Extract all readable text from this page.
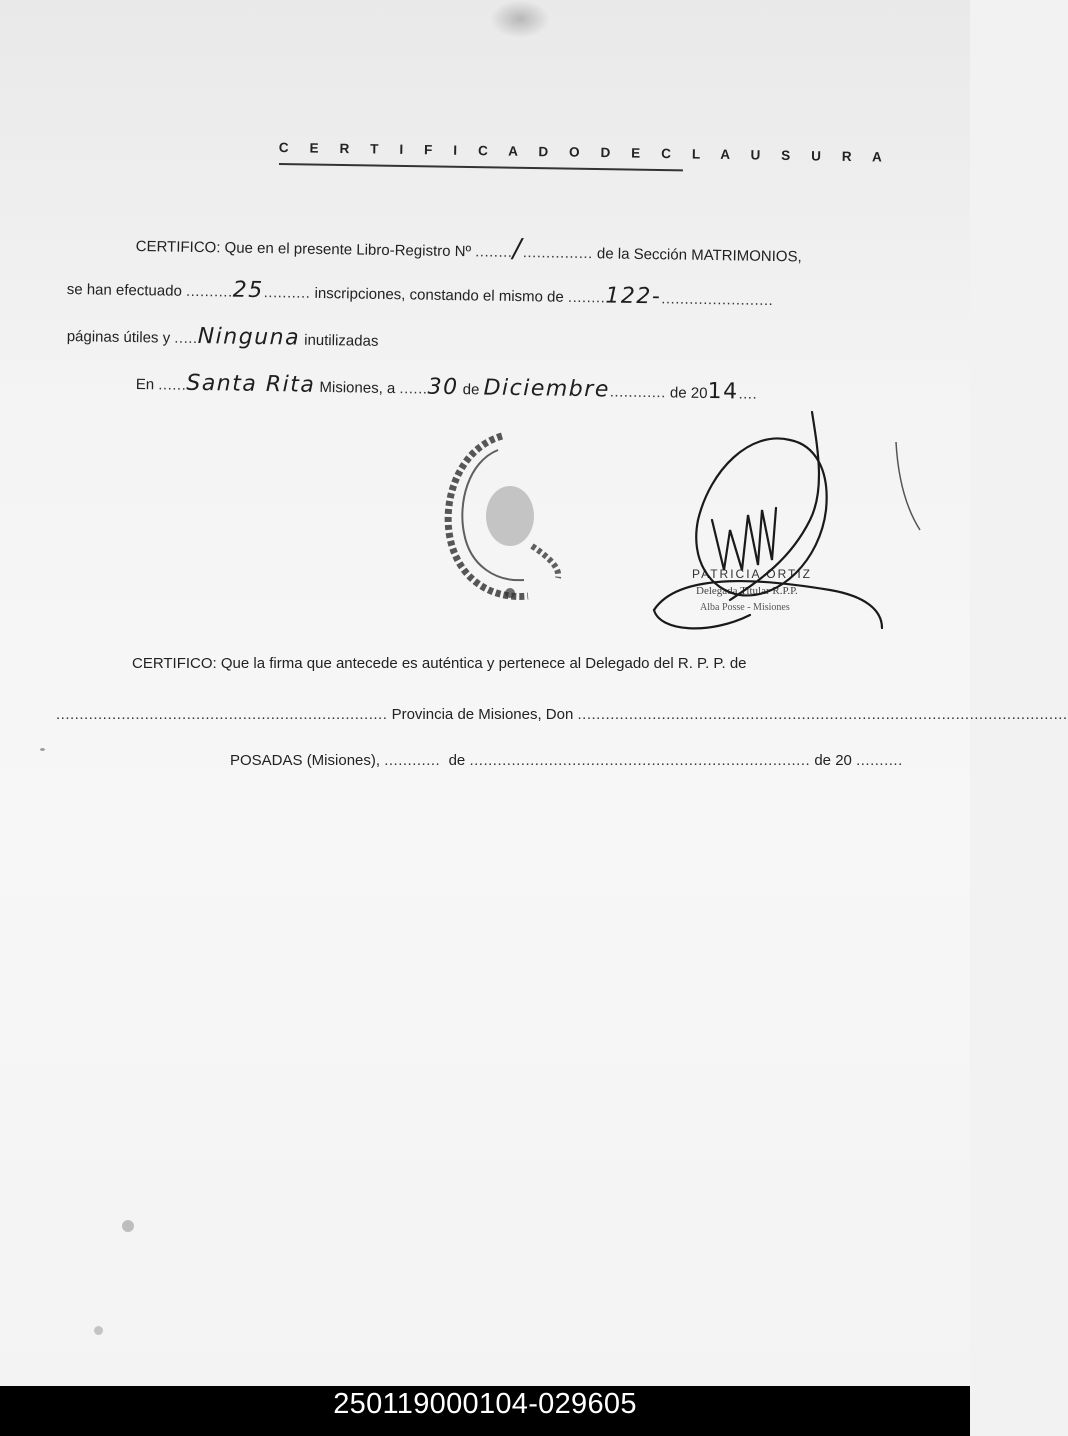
C E R T I F I C A D O D E C L A U S U R A
CERTIFICO: Que en el presente Libro-Registro Nº ......../............... de la Sección MATRIMONIOS,
se han efectuado ..........25.......... inscripciones, constando el mismo de ........122-........................
páginas útiles y .....Ninguna inutilizadas
En ......Santa Rita Misiones, a ......30 de Diciembre............ de 2014....
PATRICIA ORTIZ
Delegada Titular R.P.P.
Alba Posse - Misiones
CERTIFICO: Que la firma que antecede es auténtica y pertenece al Delegado del R. P. P. de
....................................................................... Provincia de Misiones, Don .........................................................................................................
POSADAS (Misiones), ............ de ......................................................................... de 20 ..........
250119000104-029605
